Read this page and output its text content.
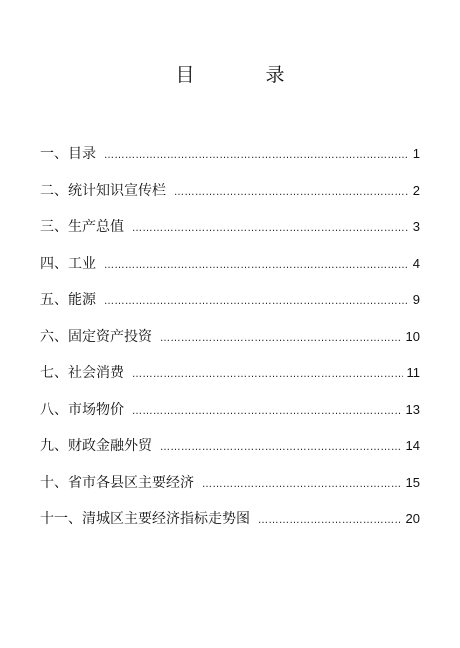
目　录
一、目录 …………………………………………………………………………………………………………………………	1
二、统计知识宣传栏 …………………………………………………………………………………………………………………………	2
三、生产总值 …………………………………………………………………………………………………………………………	3
四、工业 …………………………………………………………………………………………………………………………	4
五、能源 …………………………………………………………………………………………………………………………	9
六、固定资产投资 …………………………………………………………………………………………………………………………	10
七、社会消费 …………………………………………………………………………………………………………………………	11
八、市场物价 …………………………………………………………………………………………………………………………	13
九、财政金融外贸 …………………………………………………………………………………………………………………………	14
十、省市各县区主要经济 …………………………………………………………………………………………………………………………	15
十一、清城区主要经济指标走势图 …………………………………………………………………………………………………………………………	20
